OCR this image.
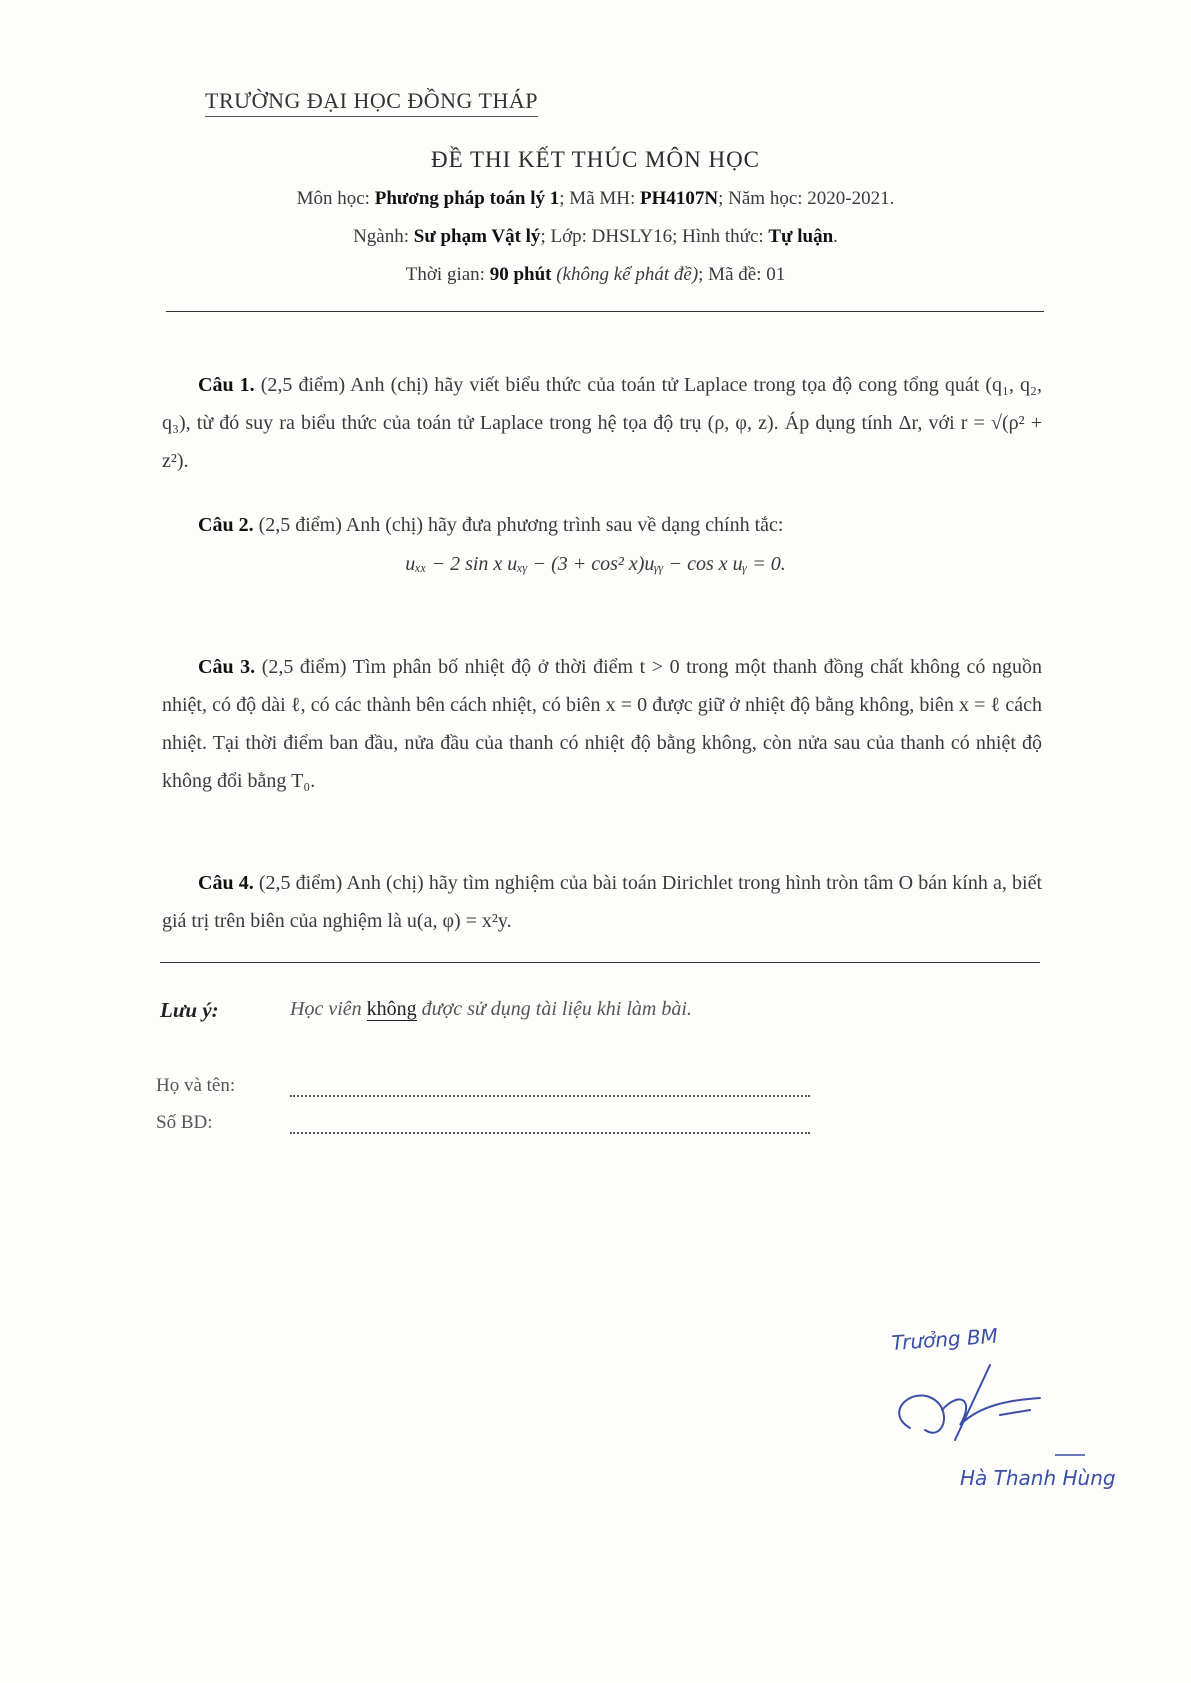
TRƯỜNG ĐẠI HỌC ĐỒNG THÁP
ĐỀ THI KẾT THÚC MÔN HỌC
Môn học: Phương pháp toán lý 1; Mã MH: PH4107N; Năm học: 2020-2021.
Ngành: Sư phạm Vật lý; Lớp: DHSLY16; Hình thức: Tự luận.
Thời gian: 90 phút (không kể phát đề); Mã đề: 01
Câu 1. (2,5 điểm) Anh (chị) hãy viết biểu thức của toán tử Laplace trong tọa độ cong tổng quát (q₁, q₂, q₃), từ đó suy ra biểu thức của toán tử Laplace trong hệ tọa độ trụ (ρ, φ, z). Áp dụng tính Δr, với r = √(ρ² + z²).
Câu 2. (2,5 điểm) Anh (chị) hãy đưa phương trình sau về dạng chính tắc:
uₓₓ − 2 sin x uₓᵧ − (3 + cos² x)uᵧᵧ − cos x uᵧ = 0.
Câu 3. (2,5 điểm) Tìm phân bố nhiệt độ ở thời điểm t > 0 trong một thanh đồng chất không có nguồn nhiệt, có độ dài ℓ, có các thành bên cách nhiệt, có biên x = 0 được giữ ở nhiệt độ bằng không, biên x = ℓ cách nhiệt. Tại thời điểm ban đầu, nửa đầu của thanh có nhiệt độ bằng không, còn nửa sau của thanh có nhiệt độ không đổi bằng T₀.
Câu 4. (2,5 điểm) Anh (chị) hãy tìm nghiệm của bài toán Dirichlet trong hình tròn tâm O bán kính a, biết giá trị trên biên của nghiệm là u(a, φ) = x²y.
Lưu ý:	Học viên không được sử dụng tài liệu khi làm bài.
Họ và tên:
Số BD:
Trưởng BM
Hà Thanh Hùng
